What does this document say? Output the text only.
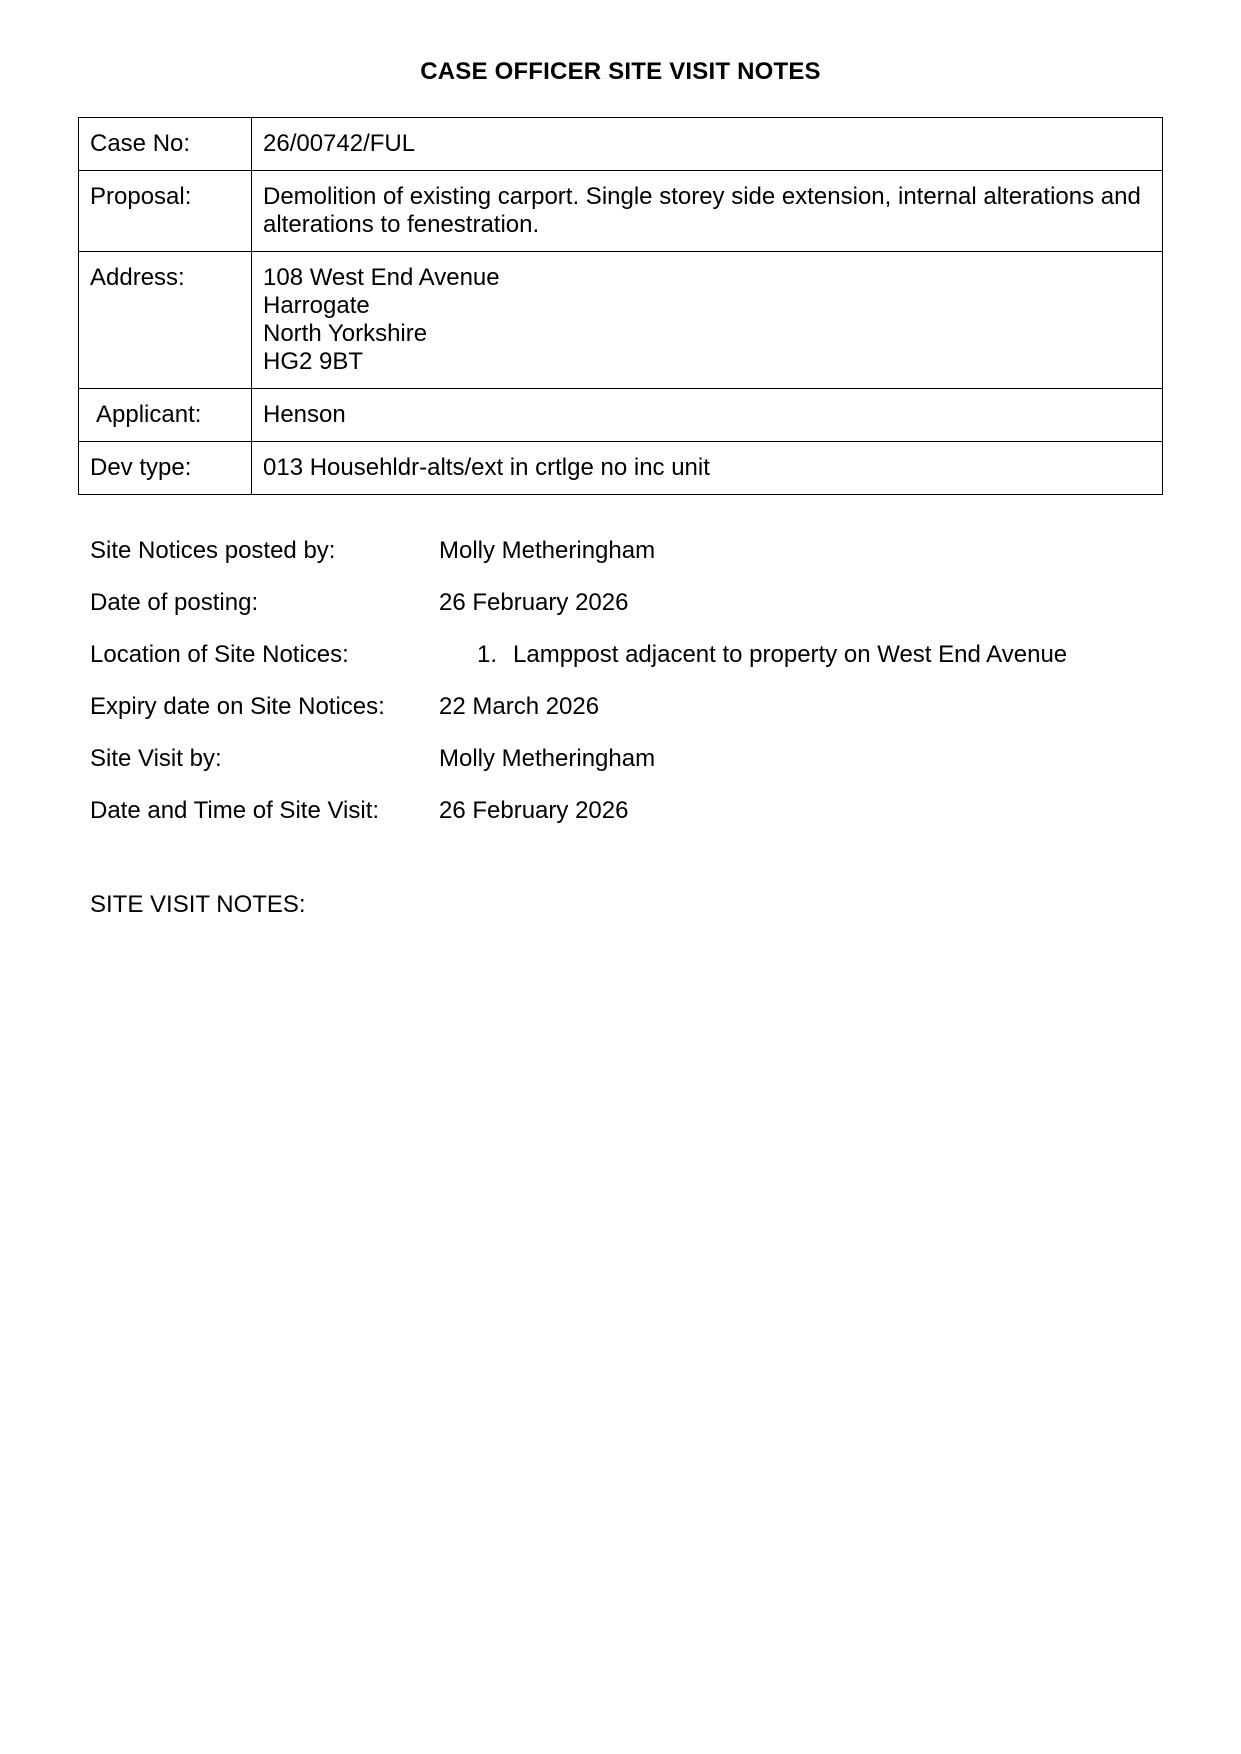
CASE OFFICER SITE VISIT NOTES
Case No:	26/00742/FUL
Proposal:	Demolition of existing carport. Single storey side extension, internal alterations and alterations to fenestration.
Address:	108 West End Avenue
Harrogate
North Yorkshire
HG2 9BT

Applicant:	Henson
Dev type:	013 Househldr-alts/ext in crtlge no inc unit
Site Notices posted by:	Molly Metheringham
Date of posting:	26 February 2026
Location of Site Notices:	1. Lamppost adjacent to property on West End Avenue
Expiry date on Site Notices:	22 March 2026
Site Visit by:	Molly Metheringham
Date and Time of Site Visit:	26 February 2026
SITE VISIT NOTES:
